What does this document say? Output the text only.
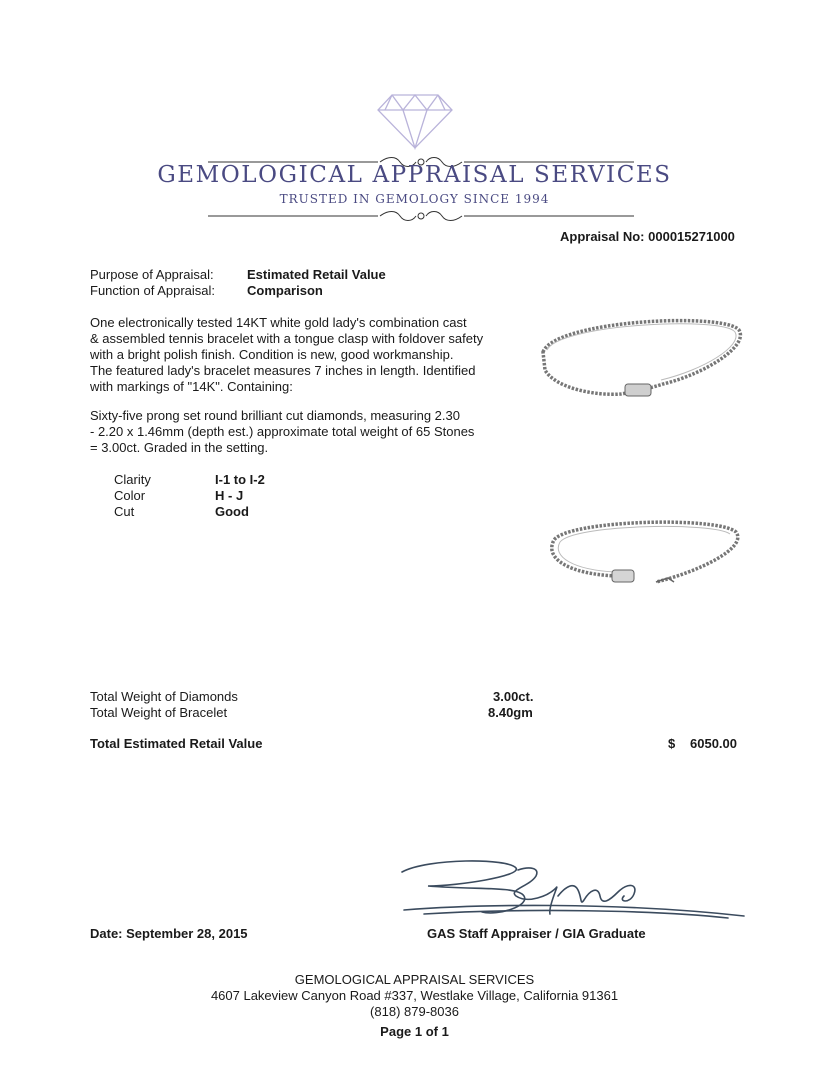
GEMOLOGICAL APPRAISAL SERVICES
TRUSTED IN GEMOLOGY SINCE 1994
Appraisal No: 000015271000
Purpose of Appraisal:	Estimated Retail Value
Function of Appraisal: Comparison
One electronically tested 14KT white gold lady's combination cast
& assembled tennis bracelet with a tongue clasp with foldover safety
with a bright polish finish. Condition is new, good workmanship.
The featured lady's bracelet measures 7 inches in length. Identified
with markings of "14K". Containing:
Sixty-five prong set round brilliant cut diamonds, measuring 2.30
- 2.20 x 1.46mm (depth est.) approximate total weight of 65 Stones
= 3.00ct. Graded in the setting.
Clarity	I-1 to I-2
Color	H - J
Cut	Good
Total Weight of Diamonds	3.00ct.
Total Weight of Bracelet	8.40gm
Total Estimated Retail Value	$ 6050.00
Date: September 28, 2015	GAS Staff Appraiser / GIA Graduate
GEMOLOGICAL APPRAISAL SERVICES
4607 Lakeview Canyon Road #337, Westlake Village, California 91361
(818) 879-8036
Page 1 of 1
